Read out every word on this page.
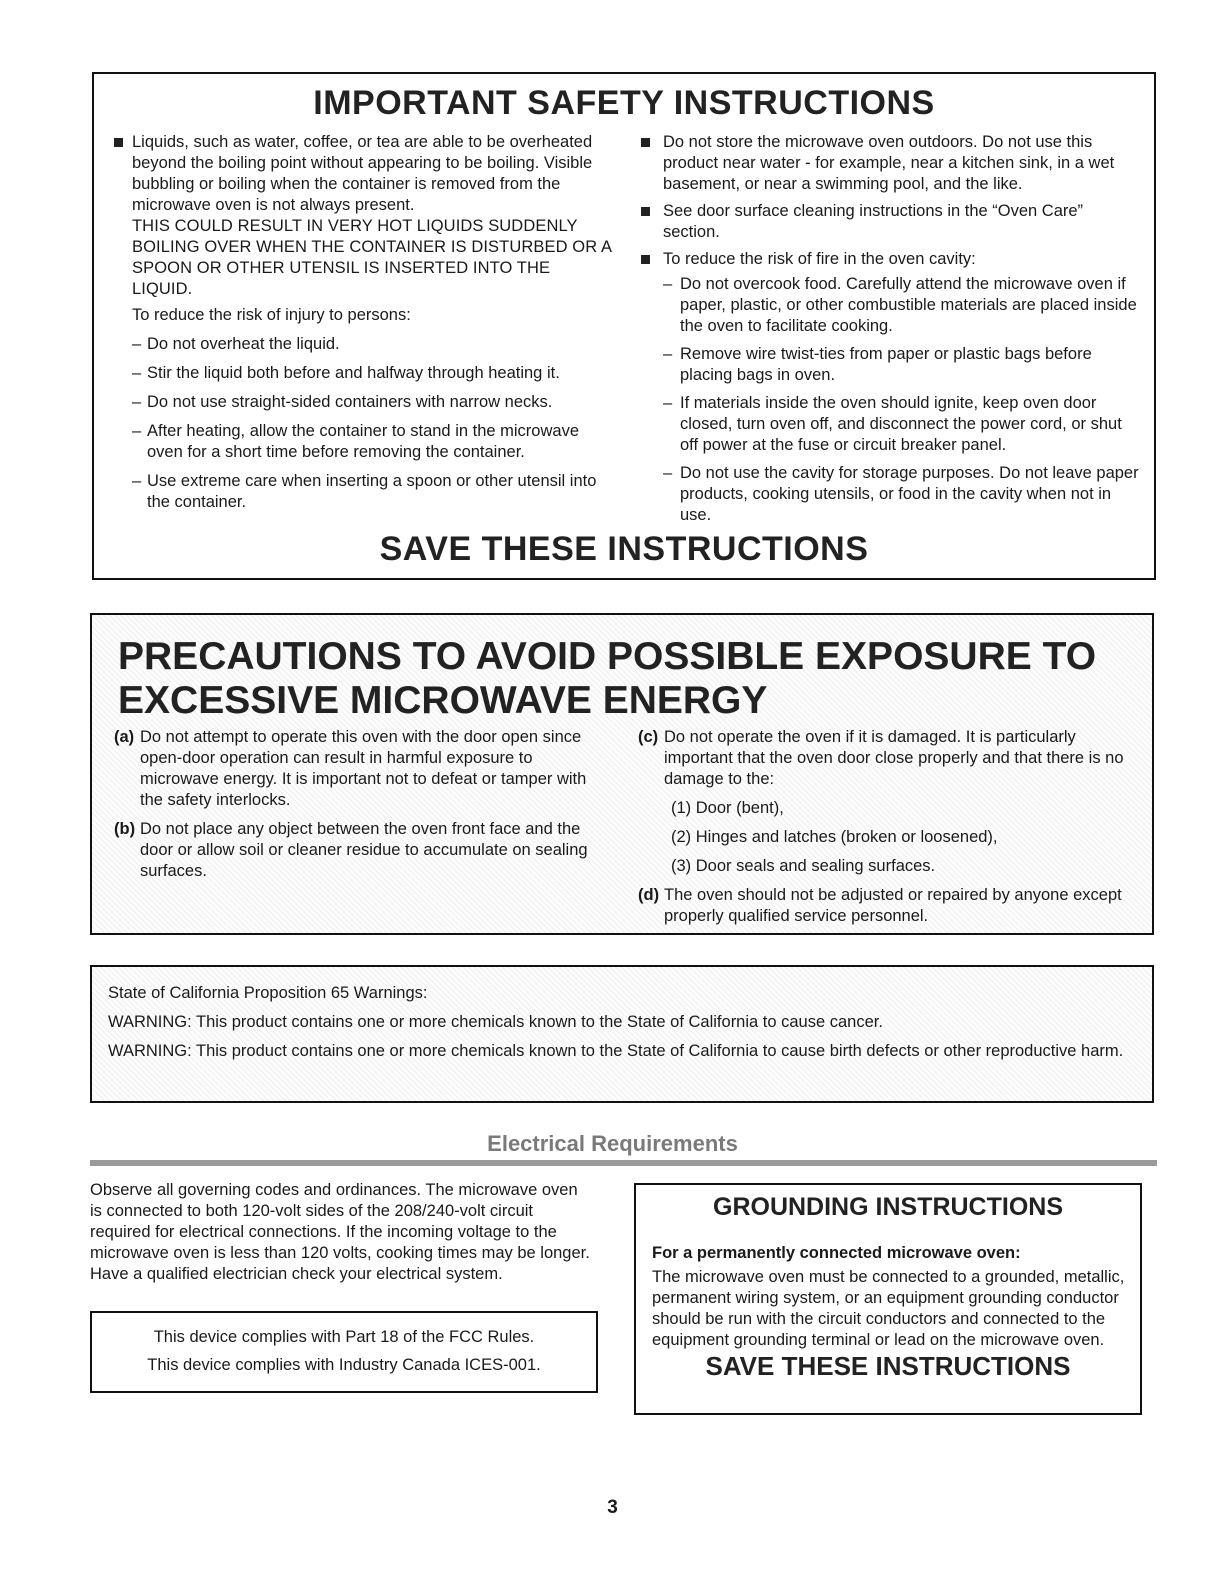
IMPORTANT SAFETY INSTRUCTIONS

Liquids, such as water, coffee, or tea are able to be overheated beyond the boiling point without appearing to be boiling. Visible bubbling or boiling when the container is removed from the microwave oven is not always present.

THIS COULD RESULT IN VERY HOT LIQUIDS SUDDENLY BOILING OVER WHEN THE CONTAINER IS DISTURBED OR A SPOON OR OTHER UTENSIL IS INSERTED INTO THE LIQUID.

To reduce the risk of injury to persons:

– Do not overheat the liquid.

– Stir the liquid both before and halfway through heating it.

– Do not use straight-sided containers with narrow necks.

– After heating, allow the container to stand in the microwave oven for a short time before removing the container.

– Use extreme care when inserting a spoon or other utensil into the container.

Do not store the microwave oven outdoors. Do not use this product near water - for example, near a kitchen sink, in a wet basement, or near a swimming pool, and the like.

See door surface cleaning instructions in the “Oven Care” section.

To reduce the risk of fire in the oven cavity:

– Do not overcook food. Carefully attend the microwave oven if paper, plastic, or other combustible materials are placed inside the oven to facilitate cooking.

– Remove wire twist-ties from paper or plastic bags before placing bags in oven.

– If materials inside the oven should ignite, keep oven door closed, turn oven off, and disconnect the power cord, or shut off power at the fuse or circuit breaker panel.

– Do not use the cavity for storage purposes. Do not leave paper products, cooking utensils, or food in the cavity when not in use.

SAVE THESE INSTRUCTIONS
PRECAUTIONS TO AVOID POSSIBLE EXPOSURE TO EXCESSIVE MICROWAVE ENERGY
(a) Do not attempt to operate this oven with the door open since open-door operation can result in harmful exposure to microwave energy. It is important not to defeat or tamper with the safety interlocks.

(b) Do not place any object between the oven front face and the door or allow soil or cleaner residue to accumulate on sealing surfaces.

(c) Do not operate the oven if it is damaged. It is particularly important that the oven door close properly and that there is no damage to the:

(1) Door (bent),

(2) Hinges and latches (broken or loosened),

(3) Door seals and sealing surfaces.

(d) The oven should not be adjusted or repaired by anyone except properly qualified service personnel.

State of California Proposition 65 Warnings:

WARNING: This product contains one or more chemicals known to the State of California to cause cancer.

WARNING: This product contains one or more chemicals known to the State of California to cause birth defects or other reproductive harm.

Electrical Requirements

Observe all governing codes and ordinances. The microwave oven is connected to both 120-volt sides of the 208/240-volt circuit required for electrical connections. If the incoming voltage to the microwave oven is less than 120 volts, cooking times may be longer. Have a qualified electrician check your electrical system.

This device complies with Part 18 of the FCC Rules.

This device complies with Industry Canada ICES-001.

GROUNDING INSTRUCTIONS
For a permanently connected microwave oven:

The microwave oven must be connected to a grounded, metallic, permanent wiring system, or an equipment grounding conductor should be run with the circuit conductors and connected to the equipment grounding terminal or lead on the microwave oven.

SAVE THESE INSTRUCTIONS
3
